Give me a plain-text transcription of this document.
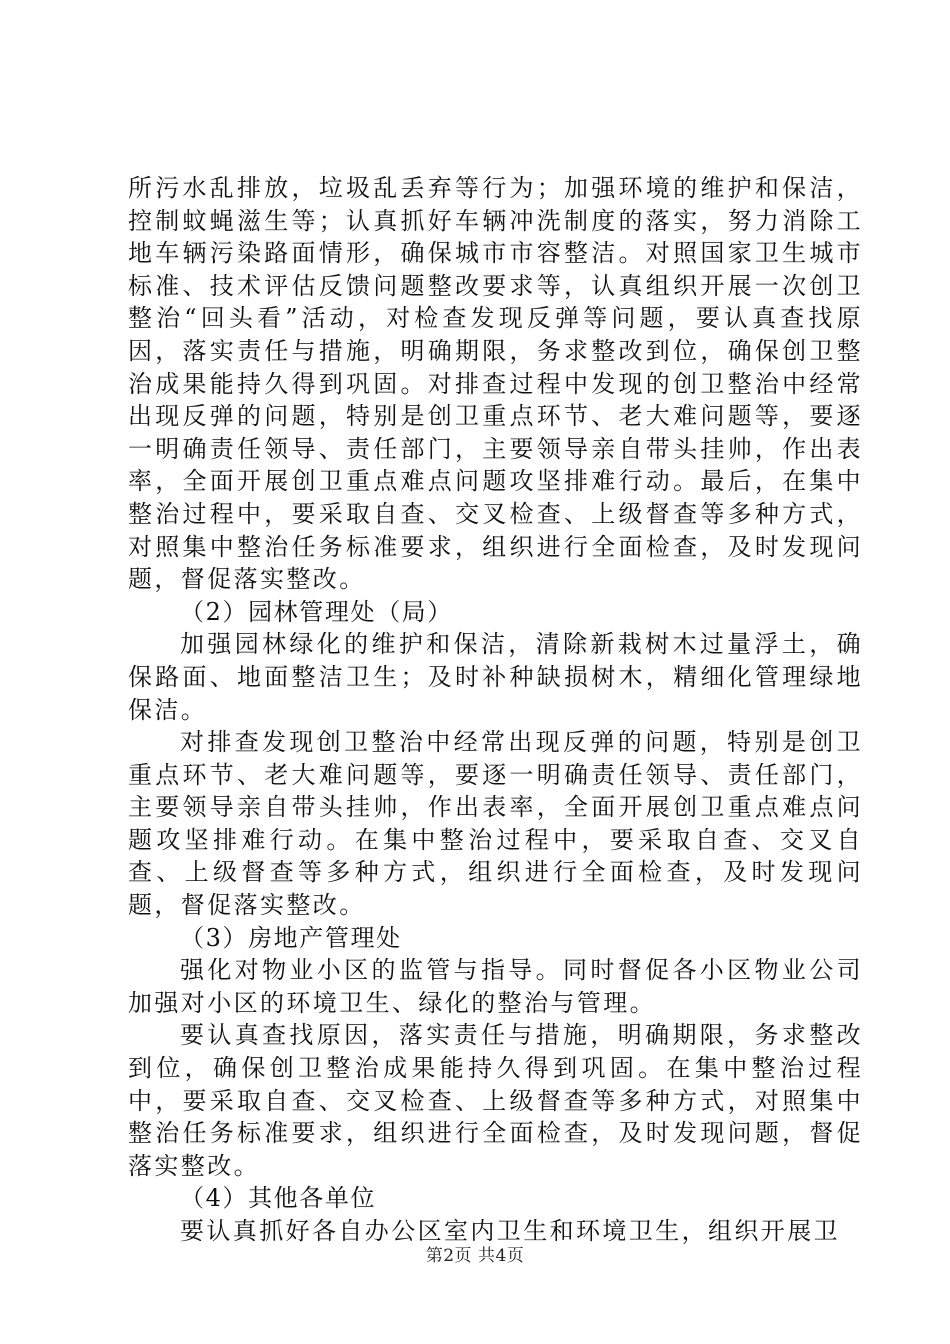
所污水乱排放，垃圾乱丢弃等行为；加强环境的维护和保洁，控制蚊蝇滋生等；认真抓好车辆冲洗制度的落实，努力消除工地车辆污染路面情形，确保城市市容整洁。对照国家卫生城市标准、技术评估反馈问题整改要求等，认真组织开展一次创卫整治“回头看”活动，对检查发现反弹等问题，要认真查找原因，落实责任与措施，明确期限，务求整改到位，确保创卫整治成果能持久得到巩固。对排查过程中发现的创卫整治中经常出现反弹的问题，特别是创卫重点环节、老大难问题等，要逐一明确责任领导、责任部门，主要领导亲自带头挂帅，作出表率，全面开展创卫重点难点问题攻坚排难行动。最后，在集中整治过程中，要采取自查、交叉检查、上级督查等多种方式，对照集中整治任务标准要求，组织进行全面检查，及时发现问题，督促落实整改。

（2）园林管理处（局）

加强园林绿化的维护和保洁，清除新栽树木过量浮土，确保路面、地面整洁卫生；及时补种缺损树木，精细化管理绿地保洁。

对排查发现创卫整治中经常出现反弹的问题，特别是创卫重点环节、老大难问题等，要逐一明确责任领导、责任部门，主要领导亲自带头挂帅，作出表率，全面开展创卫重点难点问题攻坚排难行动。在集中整治过程中，要采取自查、交叉自查、上级督查等多种方式，组织进行全面检查，及时发现问题，督促落实整改。

（3）房地产管理处

强化对物业小区的监管与指导。同时督促各小区物业公司加强对小区的环境卫生、绿化的整治与管理。

要认真查找原因，落实责任与措施，明确期限，务求整改到位，确保创卫整治成果能持久得到巩固。在集中整治过程中，要采取自查、交叉检查、上级督查等多种方式，对照集中整治任务标准要求，组织进行全面检查，及时发现问题，督促落实整改。

（4）其他各单位

要认真抓好各自办公区室内卫生和环境卫生，组织开展卫

第2页 共4页
